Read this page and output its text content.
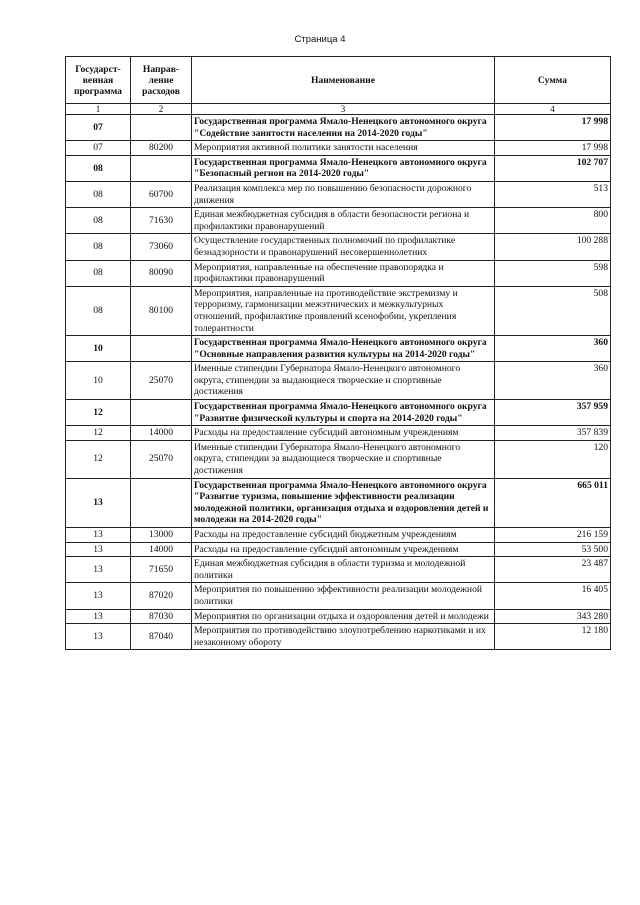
Страница 4
Государст-венная программа	Направ-ление расходов	Наименование	Сумма
1	2	3	4
07		Государственная программа Ямало-Ненецкого автономного округа "Содействие занятости населения на 2014-2020 годы"	17 998
07	80200	Мероприятия активной политики занятости населения	17 998
08		Государственная программа Ямало-Ненецкого автономного округа "Безопасный регион на 2014-2020 годы"	102 707
08	60700	Реализация комплекса мер по повышению безопасности дорожного движения	513
08	71630	Единая межбюджетная субсидия в области безопасности региона и профилактики правонарушений	800
08	73060	Осуществление государственных полномочий по профилактике безнадзорности и правонарушений несовершеннолетних	100 288
08	80090	Мероприятия, направленные на обеспечение правопорядка и профилактики правонарушений	598
08	80100	Мероприятия, направленные на противодействие экстремизму и терроризму, гармонизации межэтнических и межкультурных отношений, профилактике проявлений ксенофобии, укрепления толерантности	508
10		Государственная программа Ямало-Ненецкого автономного округа "Основные направления развития культуры на 2014-2020 годы"	360
10	25070	Именные стипендии Губернатора Ямало-Ненецкого автономного округа, стипендии за выдающиеся творческие и спортивные достижения	360
12		Государственная программа Ямало-Ненецкого автономного округа "Развитие физической культуры и спорта на 2014-2020 годы"	357 959
12	14000	Расходы на предоставление субсидий автономным учреждениям	357 839
12	25070	Именные стипендии Губернатора Ямало-Ненецкого автономного округа, стипендии за выдающиеся творческие и спортивные достижения	120
13		Государственная программа Ямало-Ненецкого автономного округа "Развитие туризма, повышение эффективности реализации молодежной политики, организация отдыха и оздоровления детей и молодежи на 2014-2020 годы"	665 011
13	13000	Расходы на предоставление субсидий бюджетным учреждениям	216 159
13	14000	Расходы на предоставление субсидий автономным учреждениям	53 500
13	71650	Единая межбюджетная субсидия в области туризма и молодежной политики	23 487
13	87020	Мероприятия по повышению эффективности реализации молодежной политики	16 405
13	87030	Мероприятия по организации отдыха и оздоровления детей и молодежи	343 280
13	87040	Мероприятия по противодействию злоупотреблению наркотиками и их незаконному обороту	12 180
